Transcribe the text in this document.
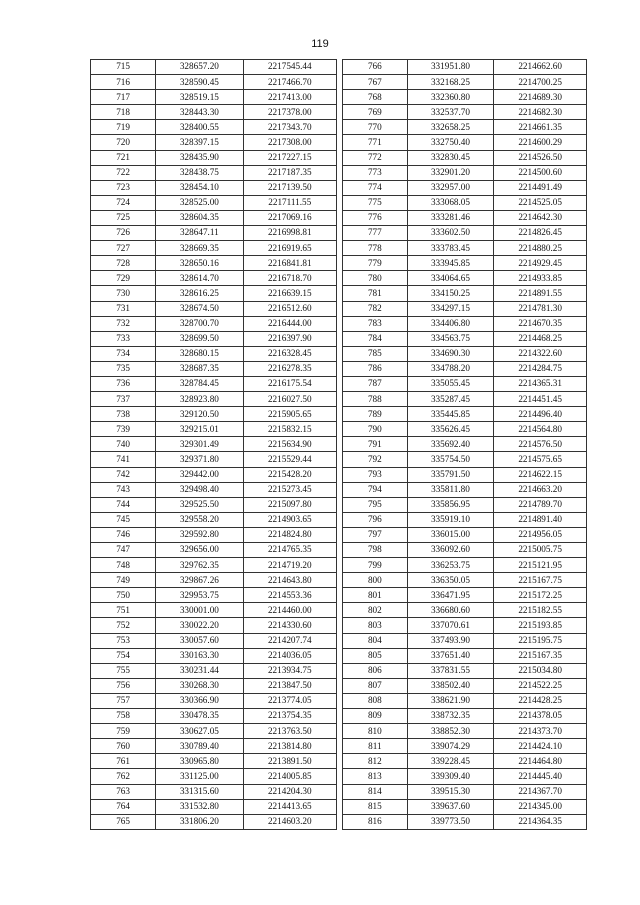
119
715	328657.20	2217545.44
716	328590.45	2217466.70
717	328519.15	2217413.00
718	328443.30	2217378.00
719	328400.55	2217343.70
720	328397.15	2217308.00
721	328435.90	2217227.15
722	328438.75	2217187.35
723	328454.10	2217139.50
724	328525.00	2217111.55
725	328604.35	2217069.16
726	328647.11	2216998.81
727	328669.35	2216919.65
728	328650.16	2216841.81
729	328614.70	2216718.70
730	328616.25	2216639.15
731	328674.50	2216512.60
732	328700.70	2216444.00
733	328699.50	2216397.90
734	328680.15	2216328.45
735	328687.35	2216278.35
736	328784.45	2216175.54
737	328923.80	2216027.50
738	329120.50	2215905.65
739	329215.01	2215832.15
740	329301.49	2215634.90
741	329371.80	2215529.44
742	329442.00	2215428.20
743	329498.40	2215273.45
744	329525.50	2215097.80
745	329558.20	2214903.65
746	329592.80	2214824.80
747	329656.00	2214765.35
748	329762.35	2214719.20
749	329867.26	2214643.80
750	329953.75	2214553.36
751	330001.00	2214460.00
752	330022.20	2214330.60
753	330057.60	2214207.74
754	330163.30	2214036.05
755	330231.44	2213934.75
756	330268.30	2213847.50
757	330366.90	2213774.05
758	330478.35	2213754.35
759	330627.05	2213763.50
760	330789.40	2213814.80
761	330965.80	2213891.50
762	331125.00	2214005.85
763	331315.60	2214204.30
764	331532.80	2214413.65
765	331806.20	2214603.20
766	331951.80	2214662.60
767	332168.25	2214700.25
768	332360.80	2214689.30
769	332537.70	2214682.30
770	332658.25	2214661.35
771	332750.40	2214600.29
772	332830.45	2214526.50
773	332901.20	2214500.60
774	332957.00	2214491.49
775	333068.05	2214525.05
776	333281.46	2214642.30
777	333602.50	2214826.45
778	333783.45	2214880.25
779	333945.85	2214929.45
780	334064.65	2214933.85
781	334150.25	2214891.55
782	334297.15	2214781.30
783	334406.80	2214670.35
784	334563.75	2214468.25
785	334690.30	2214322.60
786	334788.20	2214284.75
787	335055.45	2214365.31
788	335287.45	2214451.45
789	335445.85	2214496.40
790	335626.45	2214564.80
791	335692.40	2214576.50
792	335754.50	2214575.65
793	335791.50	2214622.15
794	335811.80	2214663.20
795	335856.95	2214789.70
796	335919.10	2214891.40
797	336015.00	2214956.05
798	336092.60	2215005.75
799	336253.75	2215121.95
800	336350.05	2215167.75
801	336471.95	2215172.25
802	336680.60	2215182.55
803	337070.61	2215193.85
804	337493.90	2215195.75
805	337651.40	2215167.35
806	337831.55	2215034.80
807	338502.40	2214522.25
808	338621.90	2214428.25
809	338732.35	2214378.05
810	338852.30	2214373.70
811	339074.29	2214424.10
812	339228.45	2214464.80
813	339309.40	2214445.40
814	339515.30	2214367.70
815	339637.60	2214345.00
816	339773.50	2214364.35
